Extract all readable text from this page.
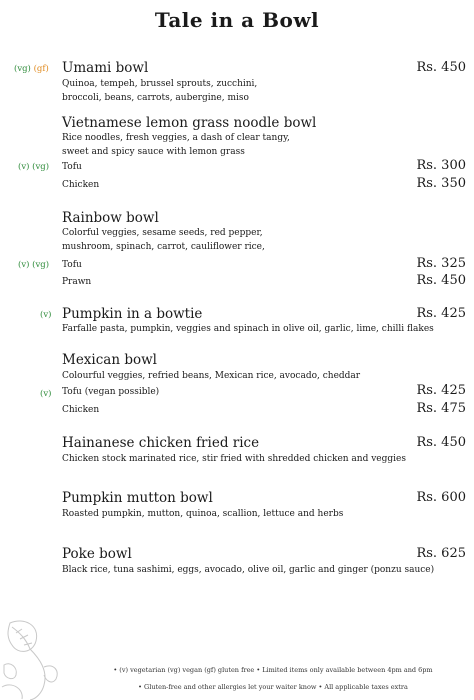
Tale in a Bowl
(vg) (gf) Umami bowl	Rs. 450
Quinoa, tempeh, brussel sprouts, zucchini, broccoli, beans, carrots, aubergine, miso
Vietnamese lemon grass noodle bowl
Rice noodles, fresh veggies, a dash of clear tangy, sweet and spicy sauce with lemon grass
(v) (vg)	Tofu	Rs. 300
Chicken	Rs. 350
Rainbow bowl
Colorful veggies, sesame seeds, red pepper, mushroom, spinach, carrot, cauliflower rice,
(v) (vg)	Tofu	Rs. 325
Prawn	Rs. 450
(v) Pumpkin in a bowtie	Rs. 425
Farfalle pasta, pumpkin, veggies and spinach in olive oil, garlic, lime, chilli flakes
Mexican bowl
Colourful veggies, refried beans, Mexican rice, avocado, cheddar
(v)	Tofu (vegan possible)	Rs. 425
Chicken	Rs. 475
Hainanese chicken fried rice	Rs. 450
Chicken stock marinated rice, stir fried with shredded chicken and veggies
Pumpkin mutton bowl	Rs. 600
Roasted pumpkin, mutton, quinoa, scallion, lettuce and herbs
Poke bowl	Rs. 625
Black rice, tuna sashimi, eggs, avocado, olive oil, garlic and ginger (ponzu sauce)
• (v) vegetarian (vg) vegan (gf) gluten free • Limited items only available between 4pm and 6pm
• Gluten-free and other allergies let your waiter know • All applicable taxes extra
